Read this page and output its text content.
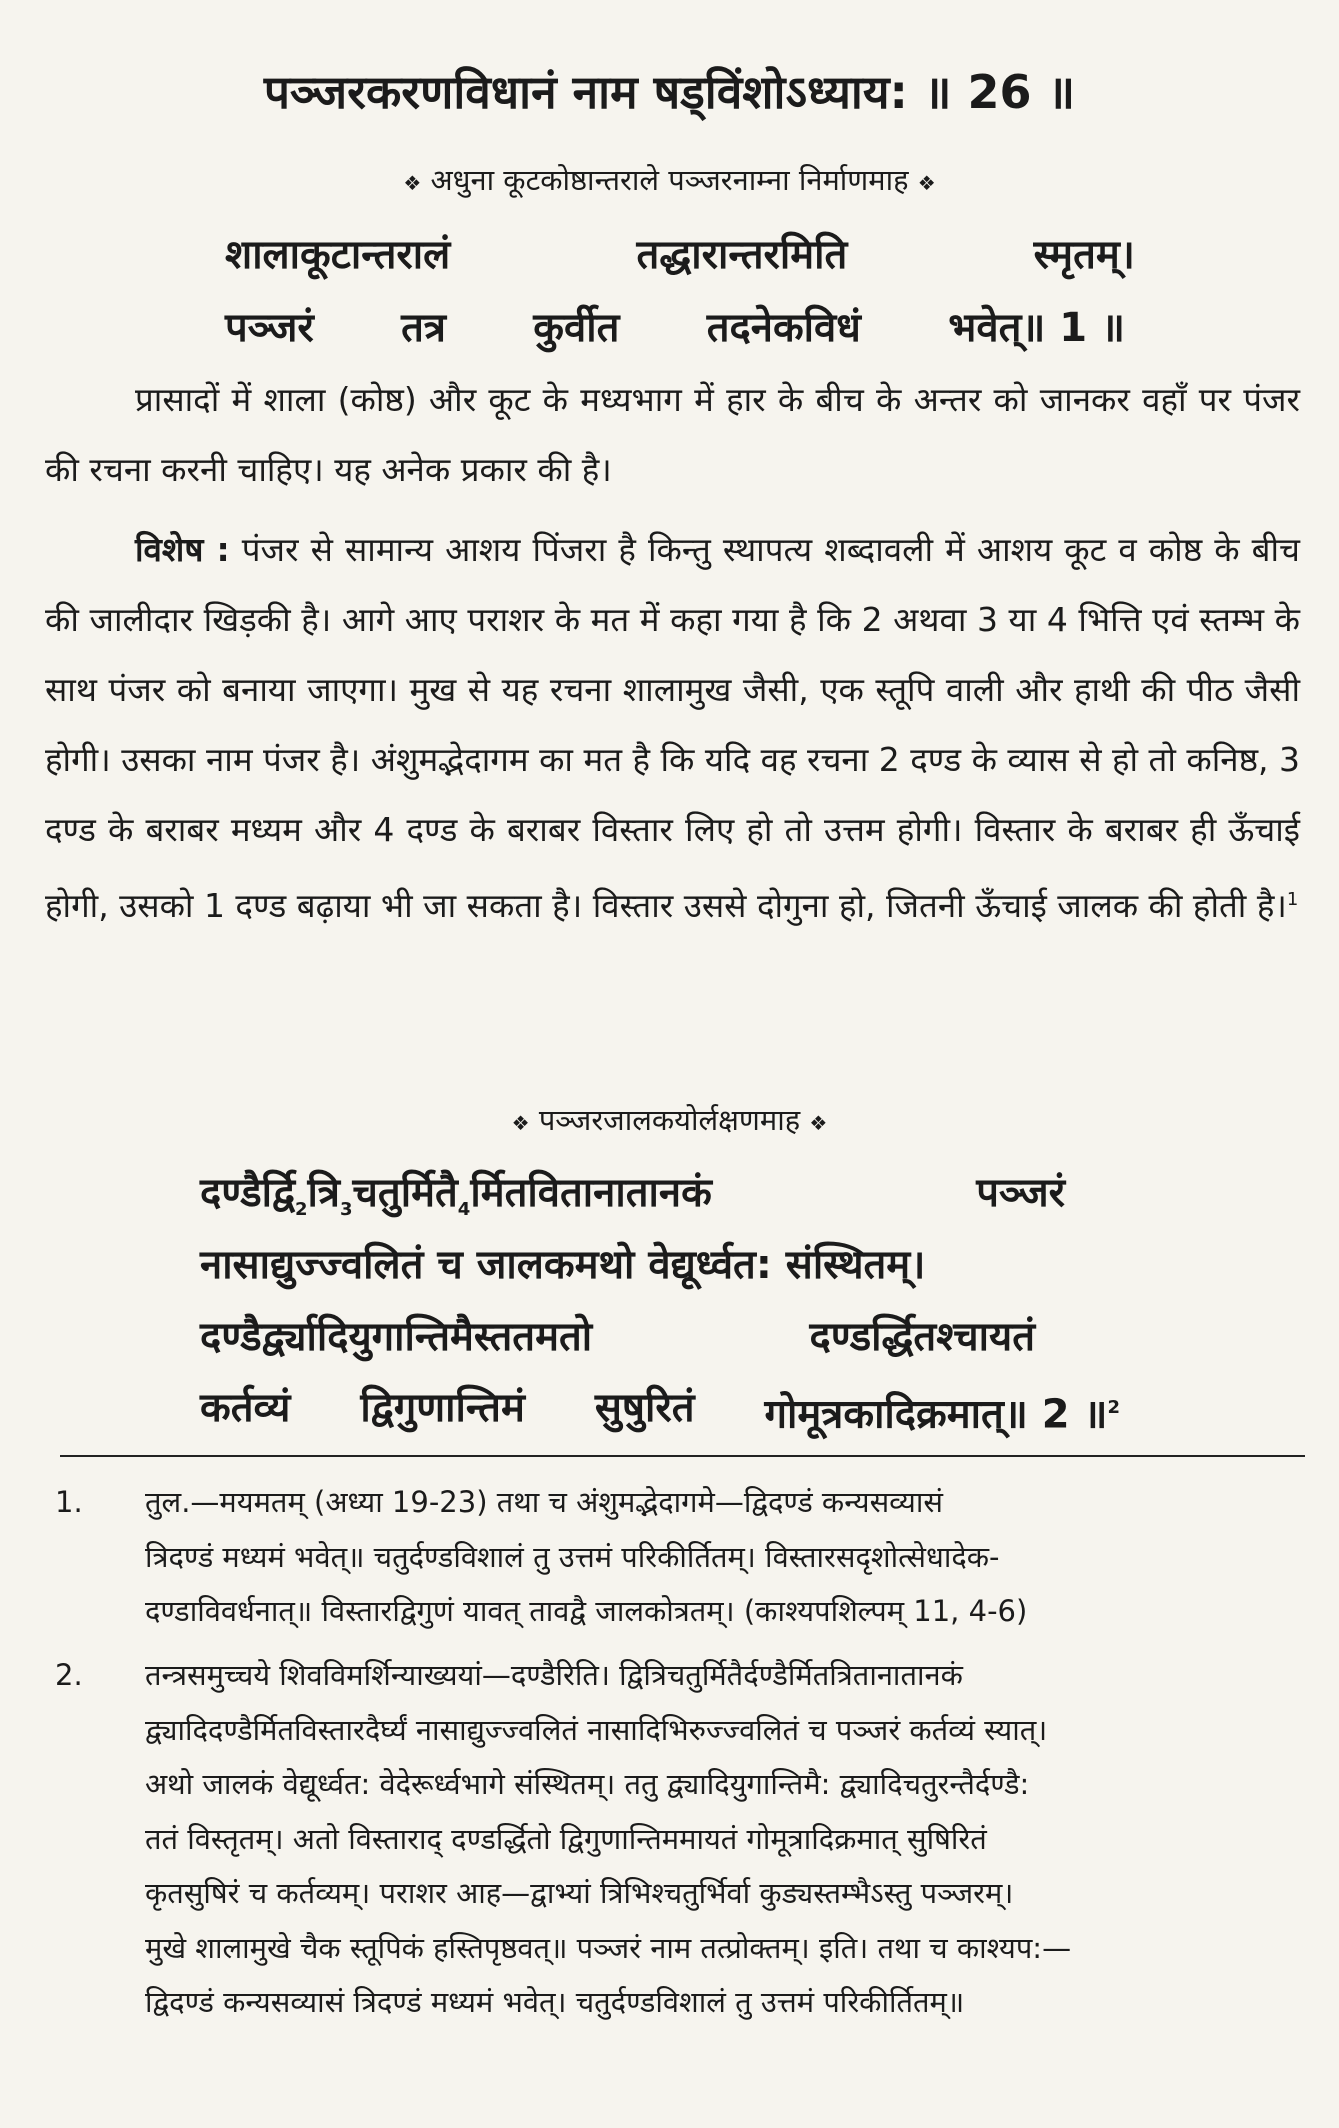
पञ्जरकरणविधानं नाम षड्विंशोऽध्याय: ॥ 26 ॥
❖ अधुना कूटकोष्ठान्तराले पञ्जरनाम्ना निर्माणमाह ❖
शालाकूटान्तरालं	तद्धारान्तरमिति	स्मृतम्।
पञ्जरं तत्र कुर्वीत तदनेकविधं भवेत्॥ 1 ॥
प्रासादों में शाला (कोष्ठ) और कूट के मध्यभाग में हार के बीच के अन्तर को जानकर वहाँ पर पंजर की रचना करनी चाहिए। यह अनेक प्रकार की है।
विशेष : पंजर से सामान्य आशय पिंजरा है किन्तु स्थापत्य शब्दावली में आशय कूट व कोष्ठ के बीच की जालीदार खिड़की है। आगे आए पराशर के मत में कहा गया है कि 2 अथवा 3 या 4 भित्ति एवं स्तम्भ के साथ पंजर को बनाया जाएगा। मुख से यह रचना शालामुख जैसी, एक स्तूपि वाली और हाथी की पीठ जैसी होगी। उसका नाम पंजर है। अंशुमद्भेदागम का मत है कि यदि वह रचना 2 दण्ड के व्यास से हो तो कनिष्ठ, 3 दण्ड के बराबर मध्यम और 4 दण्ड के बराबर विस्तार लिए हो तो उत्तम होगी। विस्तार के बराबर ही ऊँचाई होगी, उसको 1 दण्ड बढ़ाया भी जा सकता है। विस्तार उससे दोगुना हो, जितनी ऊँचाई जालक की होती है।$^1$
❖ पञ्जरजालकयोर्लक्षणमाह ❖
$दण्डैर्द्वि_2त्रि_3चतुर्मितै_4र्मितवितानातानकं$	पञ्जरं
नासाद्युज्ज्वलितं च जालकमथो वेद्यूर्ध्वत: संस्थितम्।
दण्डैर्द्व्यादियुगान्तिमैस्ततमतो	दण्डर्द्धितश्चायतं
कर्तव्यं द्विगुणान्तिमं सुषुरितं गोमूत्रकादिक्रमात्॥ 2 ॥$^2$
1. तुल.—मयमतम् (अध्या 19-23) तथा च अंशुमद्भेदागमे—द्विदण्डं कन्यसव्यासं
त्रिदण्डं मध्यमं भवेत्॥ चतुर्दण्डविशालं तु उत्तमं परिकीर्तितम्। विस्तारसदृशोत्सेधादेक-
दण्डाविवर्धनात्॥ विस्तारद्विगुणं यावत् तावद्वै जालकोत्रतम्। (काश्यपशिल्पम् 11, 4-6)
2. तन्त्रसमुच्चये शिवविमर्शिन्याख्ययां—दण्डैरिति। द्वित्रिचतुर्मितैर्दण्डैर्मितत्रितानातानकं
द्व्यादिदण्डैर्मितविस्तारदैर्घ्यं नासाद्युज्ज्वलितं नासादिभिरुज्ज्वलितं च पञ्जरं कर्तव्यं स्यात्।
अथो जालकं वेद्यूर्ध्वत: वेदेरूर्ध्वभागे संस्थितम्। ततु द्व्यादियुगान्तिमै: द्व्यादिचतुरन्तैर्दण्डै:
ततं विस्तृतम्। अतो विस्ताराद् दण्डर्द्धितो द्विगुणान्तिममायतं गोमूत्रादिक्रमात् सुषिरितं
कृतसुषिरं च कर्तव्यम्। पराशर आह—द्वाभ्यां त्रिभिश्चतुर्भिर्वा कुड्यस्तम्भैऽस्तु पञ्जरम्।
मुखे शालामुखे चैक स्तूपिकं हस्तिपृष्ठवत्॥ पञ्जरं नाम तत्प्रोक्तम्। इति। तथा च काश्यप:—
द्विदण्डं कन्यसव्यासं त्रिदण्डं मध्यमं भवेत्। चतुर्दण्डविशालं तु उत्तमं परिकीर्तितम्॥
